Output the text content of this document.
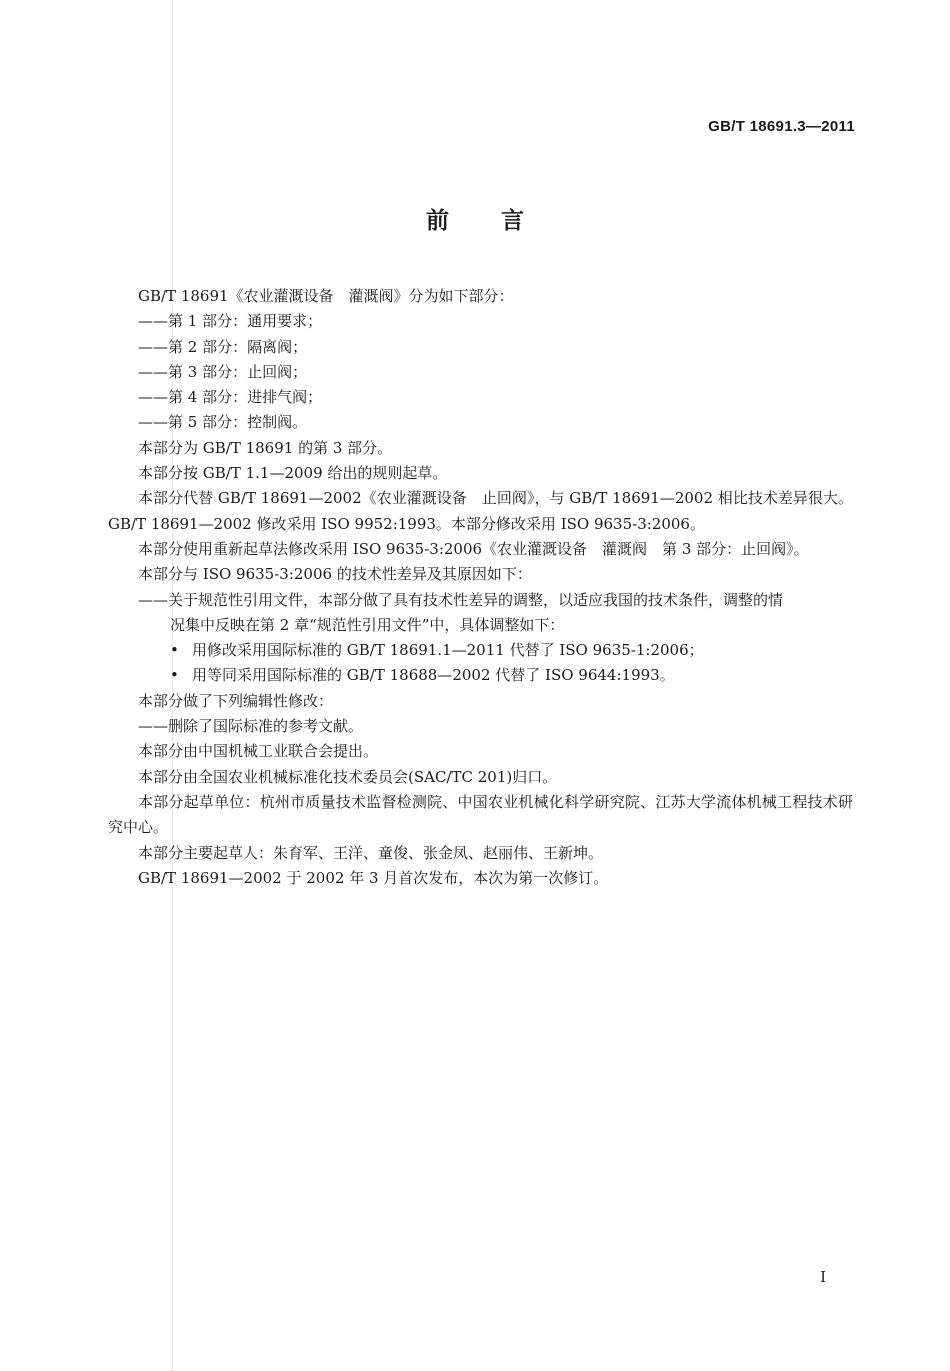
GB/T 18691.3—2011
前言

GB/T 18691《农业灌溉设备　灌溉阀》分为如下部分：

——第 1 部分：通用要求；

——第 2 部分：隔离阀；

——第 3 部分：止回阀；

——第 4 部分：进排气阀；

——第 5 部分：控制阀。

本部分为 GB/T 18691 的第 3 部分。

本部分按 GB/T 1.1—2009 给出的规则起草。

本部分代替 GB/T 18691—2002《农业灌溉设备　止回阀》，与 GB/T 18691—2002 相比技术差异很大。GB/T 18691—2002 修改采用 ISO 9952:1993。本部分修改采用 ISO 9635-3:2006。

本部分使用重新起草法修改采用 ISO 9635-3:2006《农业灌溉设备　灌溉阀　第 3 部分：止回阀》。

本部分与 ISO 9635-3:2006 的技术性差异及其原因如下：

——关于规范性引用文件，本部分做了具有技术性差异的调整，以适应我国的技术条件，调整的情
况集中反映在第 2 章“规范性引用文件”中，具体调整如下：

• 用修改采用国际标准的 GB/T 18691.1—2011 代替了 ISO 9635-1:2006；

• 用等同采用国际标准的 GB/T 18688—2002 代替了 ISO 9644:1993。

本部分做了下列编辑性修改：

——删除了国际标准的参考文献。

本部分由中国机械工业联合会提出。

本部分由全国农业机械标准化技术委员会(SAC/TC 201)归口。

本部分起草单位：杭州市质量技术监督检测院、中国农业机械化科学研究院、江苏大学流体机械工程技术研究中心。

本部分主要起草人：朱育军、王洋、童俊、张金凤、赵丽伟、王新坤。

GB/T 18691—2002 于 2002 年 3 月首次发布，本次为第一次修订。

I
